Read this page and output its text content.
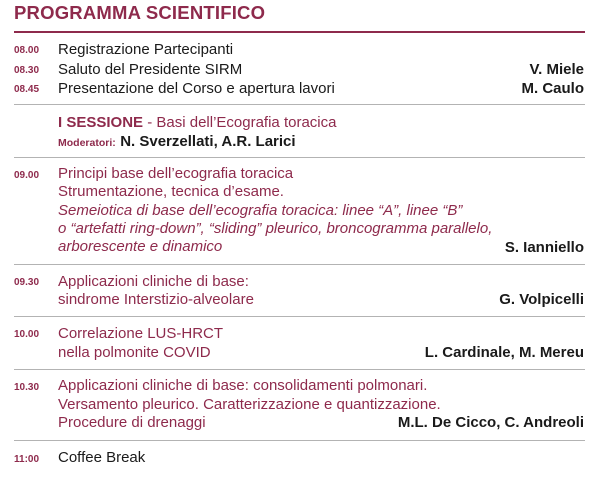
PROGRAMMA SCIENTIFICO
08.00	Registrazione Partecipanti
08.30	Saluto del Presidente SIRM	V. Miele
08.45	Presentazione del Corso e apertura lavori	M. Caulo
I SESSIONE - Basi dell’Ecografia toracica
Moderatori: N. Sverzellati, A.R. Larici
09.00	Principi base dell’ecografia toracica
Strumentazione, tecnica d’esame.
Semeiotica di base dell’ecografia toracica: linee “A”, linee “B”
o “artefatti ring-down”, “sliding” pleurico, broncogramma parallelo,
arborescente e dinamico	S. Ianniello
09.30	Applicazioni cliniche di base:
sindrome Interstizio-alveolare	G. Volpicelli
10.00	Correlazione LUS-HRCT
nella polmonite COVID	L. Cardinale, M. Mereu
10.30	Applicazioni cliniche di base: consolidamenti polmonari.
Versamento pleurico. Caratterizzazione e quantizzazione.
Procedure di drenaggi	M.L. De Cicco, C. Andreoli
11:00	Coffee Break
